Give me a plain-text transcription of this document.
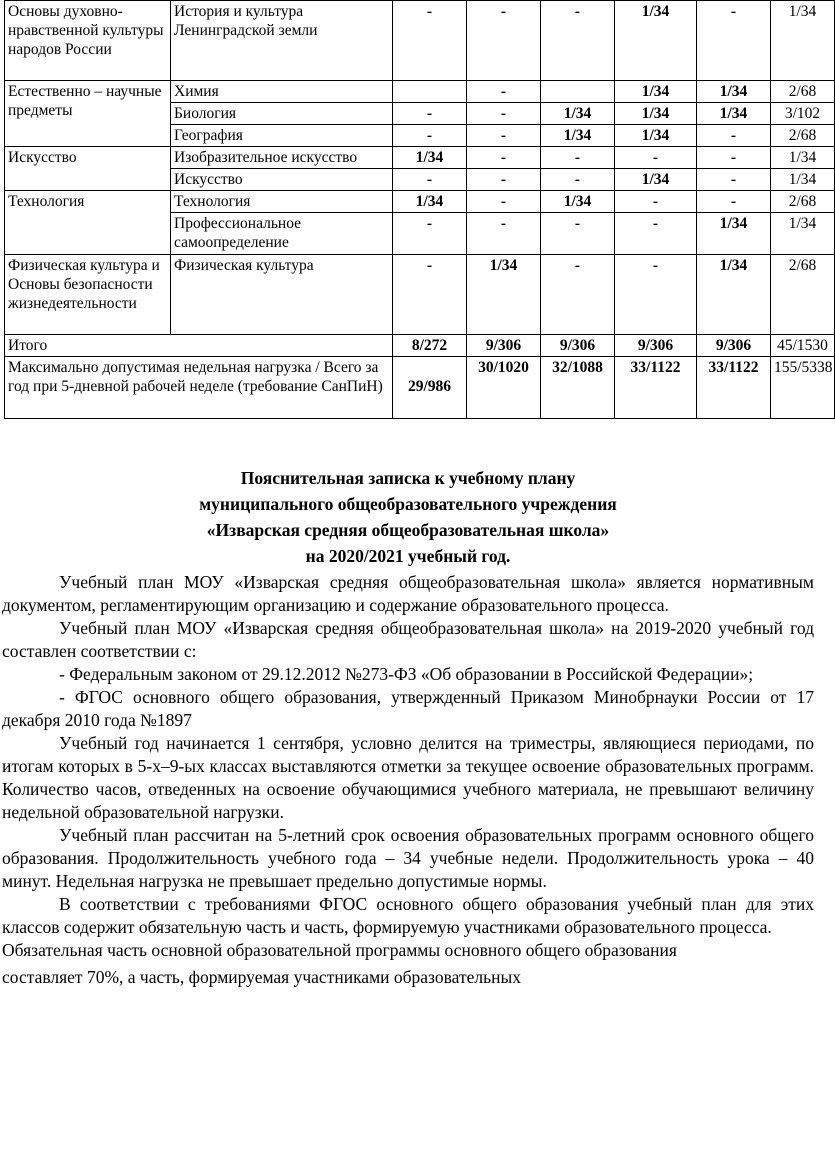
Основы духовно-нравственной культуры народов России	История и культура Ленинградской земли	-	-	-	1/34	-	1/34
Естественно – научные предметы	Химия		-		1/34	1/34	2/68
	Биология	-	-	1/34	1/34	1/34	3/102
	География	-	-	1/34	1/34	-	2/68
Искусство	Изобразительное искусство	1/34	-	-	-	-	1/34
	Искусство	-	-	-	1/34	-	1/34
Технология	Технология	1/34	-	1/34	-	-	2/68
	Профессиональное самоопределение	-	-	-	-	1/34	1/34
Физическая культура и Основы безопасности жизнедеятельности	Физическая культура	-	1/34	-	-	1/34	2/68
Итого		8/272	9/306	9/306	9/306	9/306	45/1530
Максимально допустимая недельная нагрузка / Всего за год при 5-дневной рабочей неделе (требование СанПиН)		29/986	30/1020	32/1088	33/1122	33/1122	155/5338
Пояснительная записка к учебному плану
муниципального общеобразовательного учреждения
«Изварская средняя общеобразовательная школа»
на 2020/2021 учебный год.

Учебный план МОУ «Изварская средняя общеобразовательная школа» является нормативным документом, регламентирующим организацию и содержание образовательного процесса.

Учебный план МОУ «Изварская средняя общеобразовательная школа» на 2019-2020 учебный год составлен соответствии с:

- Федеральным законом от 29.12.2012 №273-ФЗ «Об образовании в Российской Федерации»;

- ФГОС основного общего образования, утвержденный Приказом Минобрнауки России от 17 декабря 2010 года №1897

Учебный год начинается 1 сентября, условно делится на триместры, являющиеся периодами, по итогам которых в 5-х–9-ых классах выставляются отметки за текущее освоение образовательных программ. Количество часов, отведенных на освоение обучающимися учебного материала, не превышают величину недельной образовательной нагрузки.

Учебный план рассчитан на 5-летний срок освоения образовательных программ основного общего образования. Продолжительность учебного года – 34 учебные недели. Продолжительность урока – 40 минут. Недельная нагрузка не превышает предельно допустимые нормы.

В соответствии с требованиями ФГОС основного общего образования учебный план для этих классов содержит обязательную часть и часть, формируемую участниками образовательного процесса.

Обязательная часть основной образовательной программы основного общего образования

составляет 70%, а часть, формируемая участниками образовательных
